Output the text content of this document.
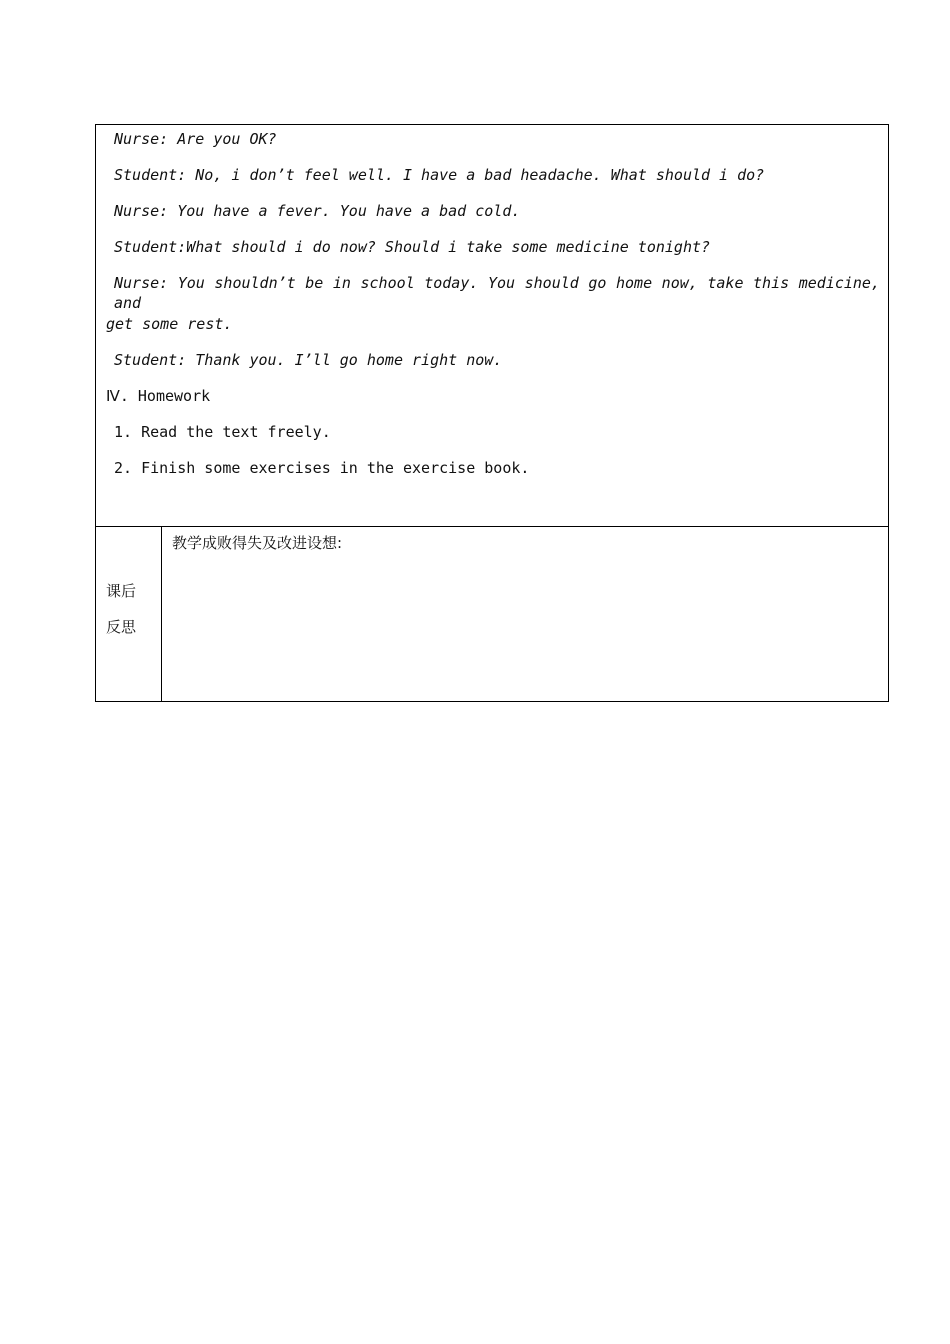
Nurse: Are you OK?
Student: No, i don’t feel well. I have a bad headache. What should i do?
Nurse: You have a fever. You have a bad cold.
Student:What should i do now? Should i take some medicine tonight?
Nurse: You shouldn’t be in school today. You should go home now, take this medicine, and
get some rest.
Student: Thank you. I’ll go home right now.
Ⅳ. Homework
1. Read the text freely.
2. Finish some exercises in the exercise book.
课后
反思
教学成败得失及改进设想:
